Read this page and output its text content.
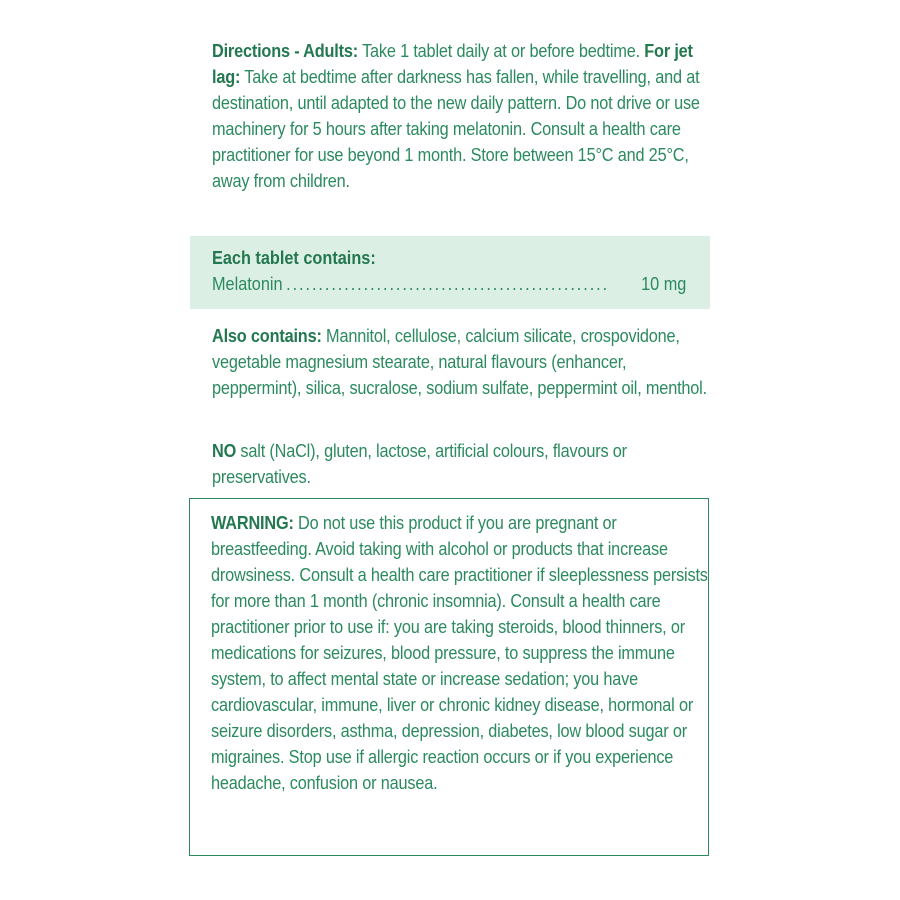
Directions - Adults: Take 1 tablet daily at or before bedtime. For jet lag: Take at bedtime after darkness has fallen, while travelling, and at destination, until adapted to the new daily pattern. Do not drive or use machinery for 5 hours after taking melatonin. Consult a health care practitioner for use beyond 1 month. Store between 15°C and 25°C, away from children.
Each tablet contains:
Melatonin ..................................................	10 mg
Also contains: Mannitol, cellulose, calcium silicate, crospovidone, vegetable magnesium stearate, natural flavours (enhancer, peppermint), silica, sucralose, sodium sulfate, peppermint oil, menthol.
NO salt (NaCl), gluten, lactose, artificial colours, flavours or preservatives.
WARNING: Do not use this product if you are pregnant or breastfeeding. Avoid taking with alcohol or products that increase drowsiness. Consult a health care practitioner if sleeplessness persists for more than 1 month (chronic insomnia). Consult a health care practitioner prior to use if: you are taking steroids, blood thinners, or medications for seizures, blood pressure, to suppress the immune system, to affect mental state or increase sedation; you have cardiovascular, immune, liver or chronic kidney disease, hormonal or seizure disorders, asthma, depression, diabetes, low blood sugar or migraines. Stop use if allergic reaction occurs or if you experience headache, confusion or nausea.
